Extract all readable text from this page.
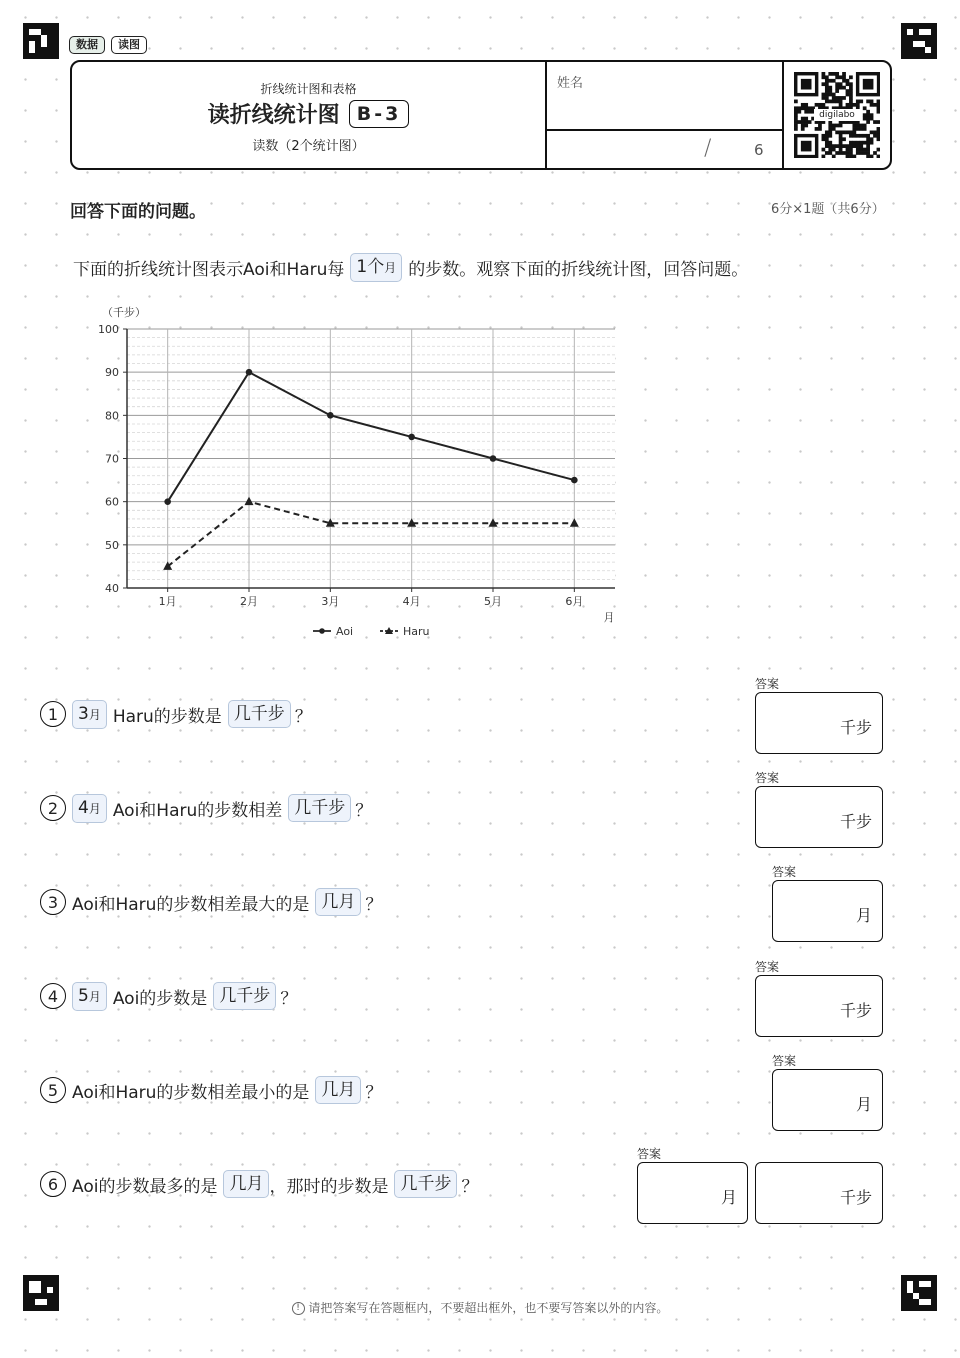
数据	读图
折线统计图和表格
读折线统计图 B-3
读数（2个统计图）
姓名
/	6
digilabo
回答下面的问题。	6分×1题（共6分）
下面的折线统计图表示Aoi和Haru每 1个月 的步数。观察下面的折线统计图，回答问题。
40
50
60
70
80
90
100
1月	2月	3月	4月	5月	6月
（千步）
月
Aoi	Haru
1	3月 Haru的步数是 几千步 ？
答案
千步
2	4月 Aoi和Haru的步数相差 几千步 ？
答案
千步
3 Aoi和Haru的步数相差最大的是 几月 ？
答案
月
4	5月 Aoi的步数是 几千步 ？
答案
千步
5 Aoi和Haru的步数相差最小的是 几月 ？
答案
月
6 Aoi的步数最多的是 几月 ，那时的步数是 几千步 ？
答案
月	千步
! 请把答案写在答题框内，不要超出框外，也不要写答案以外的内容。
